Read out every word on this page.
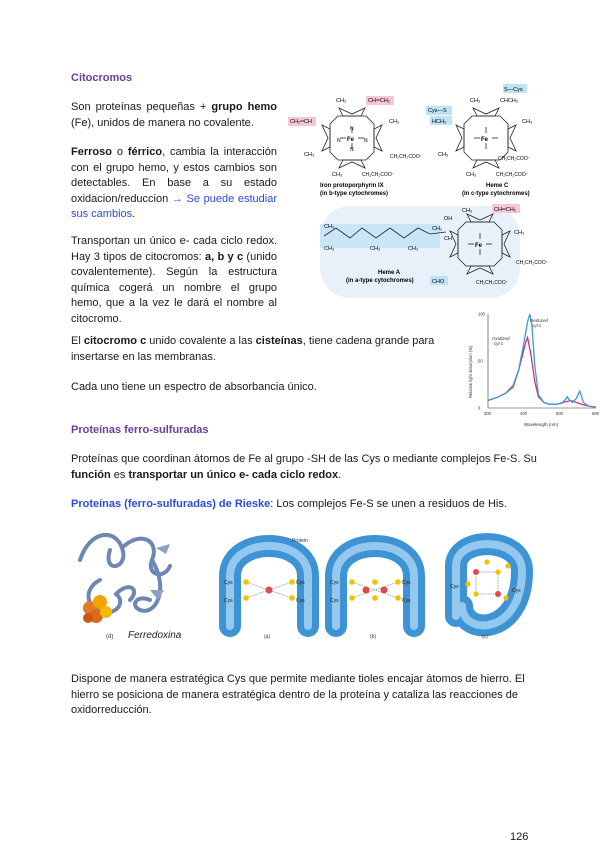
Citocromos
Son proteínas pequeñas + grupo hemo (Fe), unidos de manera no covalente.
Ferroso o férrico, cambia la interacción con el grupo hemo, y estos cambios son detectables. En base a su estado oxidacion/reduccion → Se puede estudiar sus cambios.
Transportan un único e- cada ciclo redox. Hay 3 tipos de citocromos: a, b y c (unido covalentemente). Según la estructura química cogerá un nombre el grupo hemo, que a la vez le dará el nombre al citocromo.
El citocromo c unido covalente a las cisteínas, tiene cadena grande para insertarse en las membranas.
Cada uno tiene un espectro de absorbancia único.
Fe
N	N
N
N
CH₃	CH═CH₂
CH₂═CH	CH₃
CH₃	CH₂CH₂COO⁻
CH₂CH₂COO⁻
CH₃
Iron protoporphyrin IX
(in b-type cytochromes)
Fe
S—Cys
CHCH₃
CH₃
Cys—S
HCH₃	CH₃
CH₃
CH₂CH₂COO⁻
CH₂CH₂COO⁻
CH₃
Heme C
(in c-type cytochromes)
Fe
CH₃
CH₃	CH₃	CH₃
CH₂
CH
OH
CH₃	CH═CH₂
CH₃
CH₂CH₂COO⁻
CHO	CH₂CH₂COO⁻
Heme A
(in a-type cytochromes)
300	400	500	600
0
50
100
Reduced
cyt c
Oxidized
cyt c
Wavelength (nm)
Relative light absorption (%)
Proteínas ferro-sulfuradas
Proteínas que coordinan átomos de Fe al grupo -SH de las Cys o mediante complejos Fe-S. Su función es transportar un único e- cada ciclo redox.
Proteínas (ferro-sulfuradas) de Rieske: Los complejos Fe-S se unen a residuos de His.
(d) Ferredoxina
Protein
Cys
Cys
Cys
Cys
(a)
Cys
Cys
Cys
Cys
(b)
Cys
Cys
(c)
Dispone de manera estratégica Cys que permite mediante tioles encajar átomos de hierro. El hierro se posiciona de manera estratégica dentro de la proteína y cataliza las reacciones de oxidorreducción.
126
